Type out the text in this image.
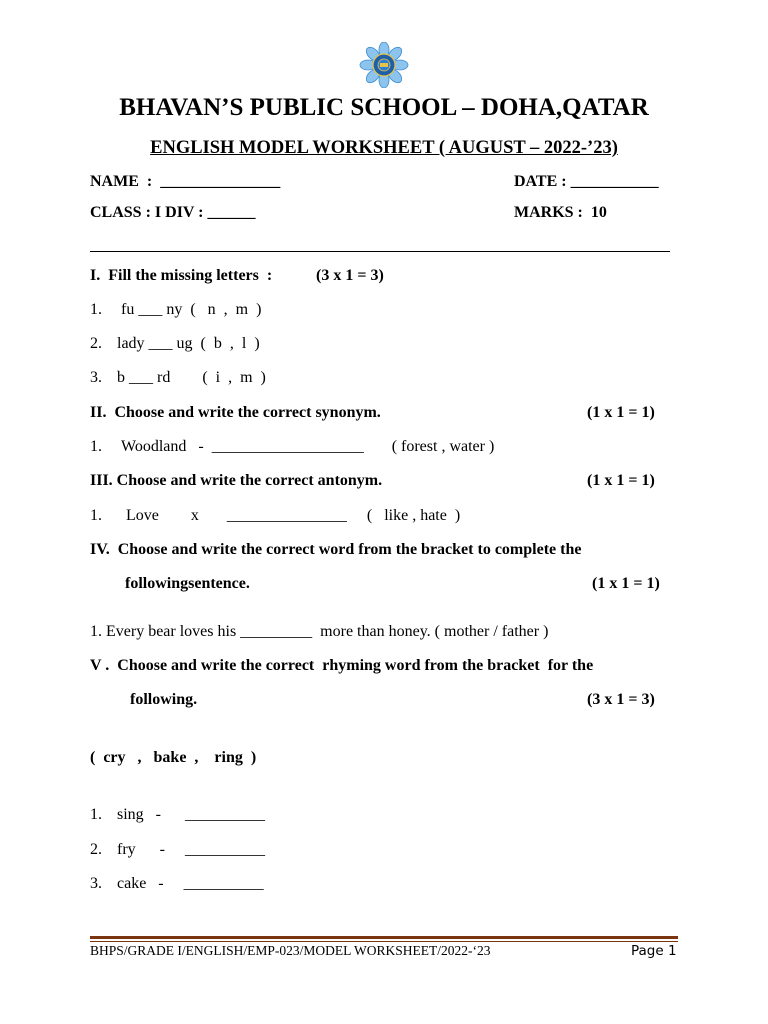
BHAVAN’S PUBLIC SCHOOL – DOHA,QATAR
ENGLISH MODEL WORKSHEET ( AUGUST – 2022-’23)
NAME  :  _______________	DATE : ___________
CLASS : I DIV : ______	MARKS :  10
I.  Fill the missing letters  :	(3 x 1 = 3)
1. fu ___ ny  (   n  ,  m  )
2. lady ___ ug  (  b  ,  l  )
3. b ___ rd        (  i  ,  m  )
II.  Choose and write the correct synonym.	(1 x 1 = 1)
1. Woodland   -  ___________________       ( forest , water )
III. Choose and write the correct antonym.	(1 x 1 = 1)
1. Love        x       _______________     (   like , hate  )
IV.  Choose and write the correct word from the bracket to complete the
followingsentence.	(1 x 1 = 1)
1. Every bear loves his _________  more than honey. ( mother / father )
V .  Choose and write the correct  rhyming word from the bracket  for the
following.	(3 x 1 = 3)
(  cry   ,   bake  ,    ring  )
1. sing   -      __________
2. fry      -     __________
3. cake   -     __________
BHPS/GRADE I/ENGLISH/EMP-023/MODEL WORKSHEET/2022-‘23	Page 1
